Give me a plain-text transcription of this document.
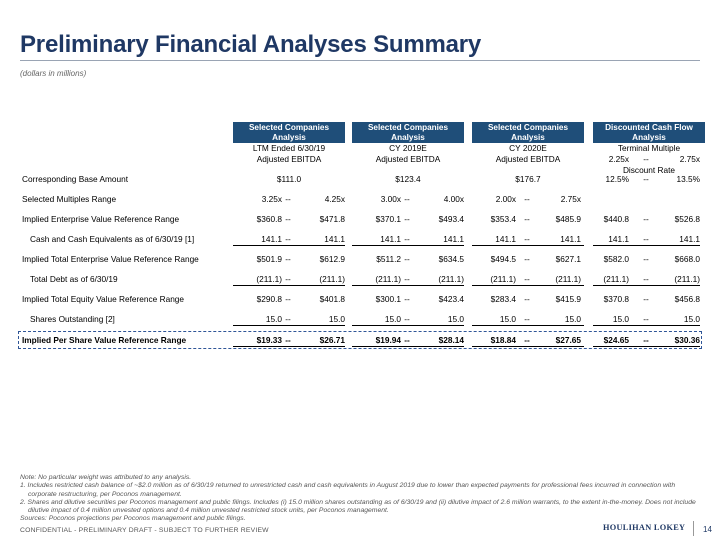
Preliminary Financial Analyses Summary
(dollars in millions)
Selected Companies Analysis
Selected Companies Analysis
Selected Companies Analysis
Discounted Cash Flow Analysis
LTM Ended 6/30/19
Adjusted EBITDA
CY 2019E
Adjusted EBITDA
CY 2020E
Adjusted EBITDA
Terminal Multiple
2.25x	--	2.75x
Discount Rate
Corresponding Base Amount	$111.0	$123.4	$176.7	12.5%	--	13.5%
Selected Multiples Range	3.25x --	4.25x	3.00x --	4.00x	2.00x --	2.75x
Implied Enterprise Value Reference Range	$360.8 --	$471.8	$370.1 --	$493.4	$353.4 --	$485.9	$440.8	--	$526.8
Cash and Cash Equivalents as of 6/30/19 [1]	141.1 --	141.1	141.1 --	141.1	141.1 --	141.1	141.1	--	141.1
Implied Total Enterprise Value Reference Range	$501.9 --	$612.9	$511.2 --	$634.5	$494.5 --	$627.1	$582.0	--	$668.0
Total Debt as of 6/30/19	(211.1) --	(211.1)	(211.1) --	(211.1)	(211.1) --	(211.1)	(211.1)	--	(211.1)
Implied Total Equity Value Reference Range	$290.8 --	$401.8	$300.1 --	$423.4	$283.4 --	$415.9	$370.8	--	$456.8
Shares Outstanding [2]	15.0 --	15.0	15.0 --	15.0	15.0 --	15.0	15.0	--	15.0
Implied Per Share Value Reference Range	$19.33 --	$26.71	$19.94 --	$28.14	$18.84 --	$27.65	$24.65	--	$30.36
Note: No particular weight was attributed to any analysis.
1. Includes restricted cash balance of ~$2.0 million as of 6/30/19 returned to unrestricted cash and cash equivalents in August 2019 due to lower than expected payments for professional fees incurred in connection with corporate restructuring, per Poconos management.
2. Shares and dilutive securities per Poconos management and public filings. Includes (i) 15.0 million shares outstanding as of 6/30/19 and (ii) dilutive impact of 2.6 million warrants, to the extent in-the-money. Does not include dilutive impact of 0.4 million unvested options and 0.4 million unvested restricted stock units, per Poconos management.
Sources: Poconos projections per Poconos management and public filings.
CONFIDENTIAL - PRELIMINARY DRAFT - SUBJECT TO FURTHER REVIEW	HOULIHAN LOKEY 14
